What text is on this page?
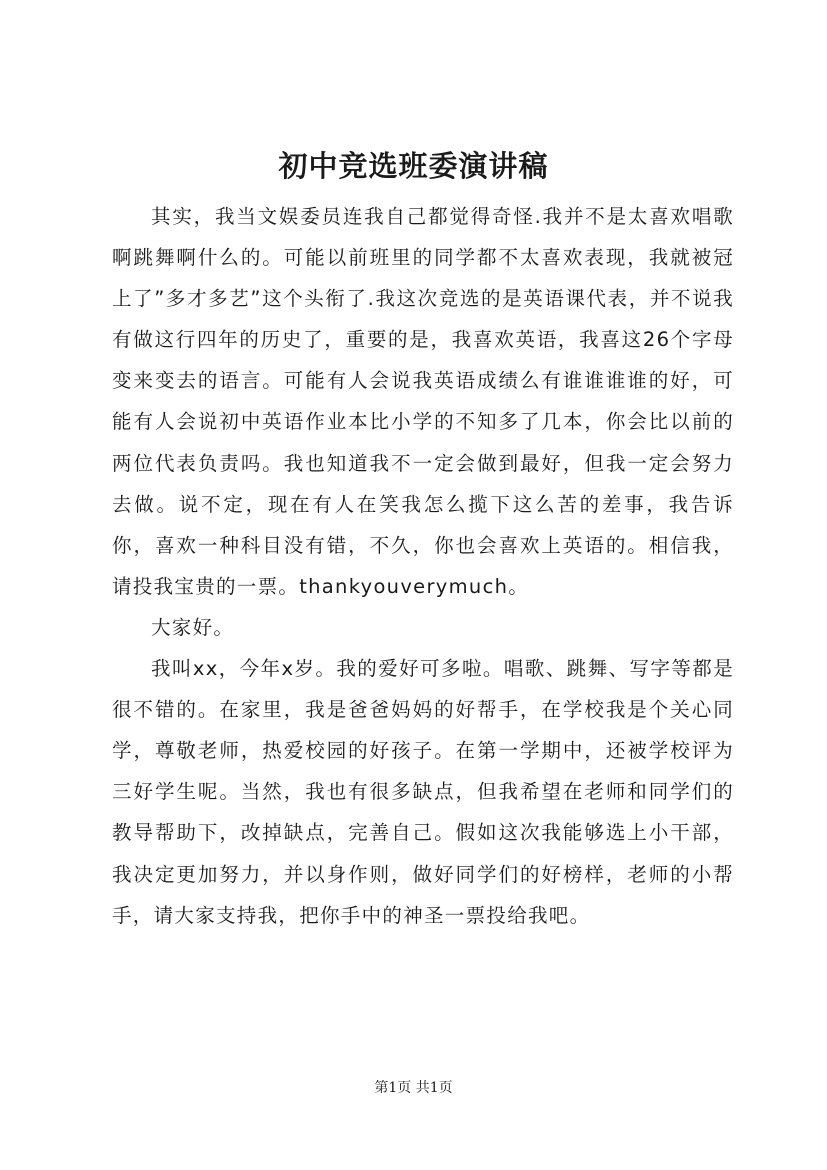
初中竞选班委演讲稿

其实，我当文娱委员连我自己都觉得奇怪.我并不是太喜欢唱歌啊跳舞啊什么的。可能以前班里的同学都不太喜欢表现，我就被冠上了”多才多艺”这个头衔了.我这次竞选的是英语课代表，并不说我有做这行四年的历史了，重要的是，我喜欢英语，我喜这26个字母变来变去的语言。可能有人会说我英语成绩么有谁谁谁谁的好，可能有人会说初中英语作业本比小学的不知多了几本，你会比以前的两位代表负责吗。我也知道我不一定会做到最好，但我一定会努力去做。说不定，现在有人在笑我怎么揽下这么苦的差事，我告诉你，喜欢一种科目没有错，不久，你也会喜欢上英语的。相信我，请投我宝贵的一票。thankyouverymuch。

大家好。

我叫xx，今年x岁。我的爱好可多啦。唱歌、跳舞、写字等都是很不错的。在家里，我是爸爸妈妈的好帮手，在学校我是个关心同学，尊敬老师，热爱校园的好孩子。在第一学期中，还被学校评为三好学生呢。当然，我也有很多缺点，但我希望在老师和同学们的教导帮助下，改掉缺点，完善自己。假如这次我能够选上小干部，我决定更加努力，并以身作则，做好同学们的好榜样，老师的小帮手，请大家支持我，把你手中的神圣一票投给我吧。

第1页 共1页
